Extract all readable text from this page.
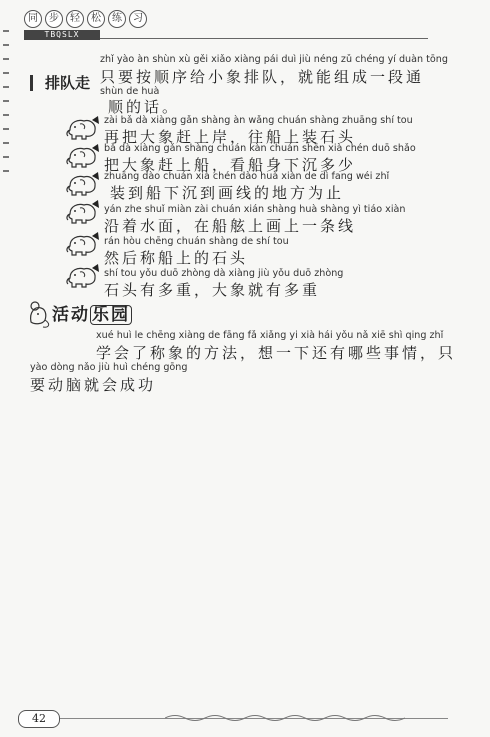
同	步	轻	松	练	习
TBQSLX
排队走
zhǐ yào àn shùn xù gěi xiǎo xiàng pái duì jiù néng zǔ chéng yí duàn tōng
只要按顺序给小象排队，就能组成一段通
shùn de huà
顺的话。
zài bǎ dà xiàng gǎn shàng àn wǎng chuán shàng zhuāng shí tou
再把大象赶上岸，往船上装石头
bǎ dà xiàng gǎn shàng chuán kàn chuán shēn xià chén duō shǎo
把大象赶上船，看船身下沉多少
zhuāng dào chuán xià chén dào huà xiàn de dì fang wéi zhǐ
装到船下沉到画线的地方为止
yán zhe shuǐ miàn zài chuán xián shàng huà shàng yì tiáo xiàn
沿着水面，在船舷上画上一条线
rán hòu chēng chuán shàng de shí tou
然后称船上的石头
shí tou yǒu duō zhòng dà xiàng jiù yǒu duō zhòng
石头有多重，大象就有多重
活动 乐园
xué huì le chēng xiàng de fāng fǎ xiǎng yi xià hái yǒu nǎ xiē shì qing zhǐ
学会了称象的方法，想一下还有哪些事情，只
yào dòng nǎo jiù huì chéng gōng
要动脑就会成功
42
